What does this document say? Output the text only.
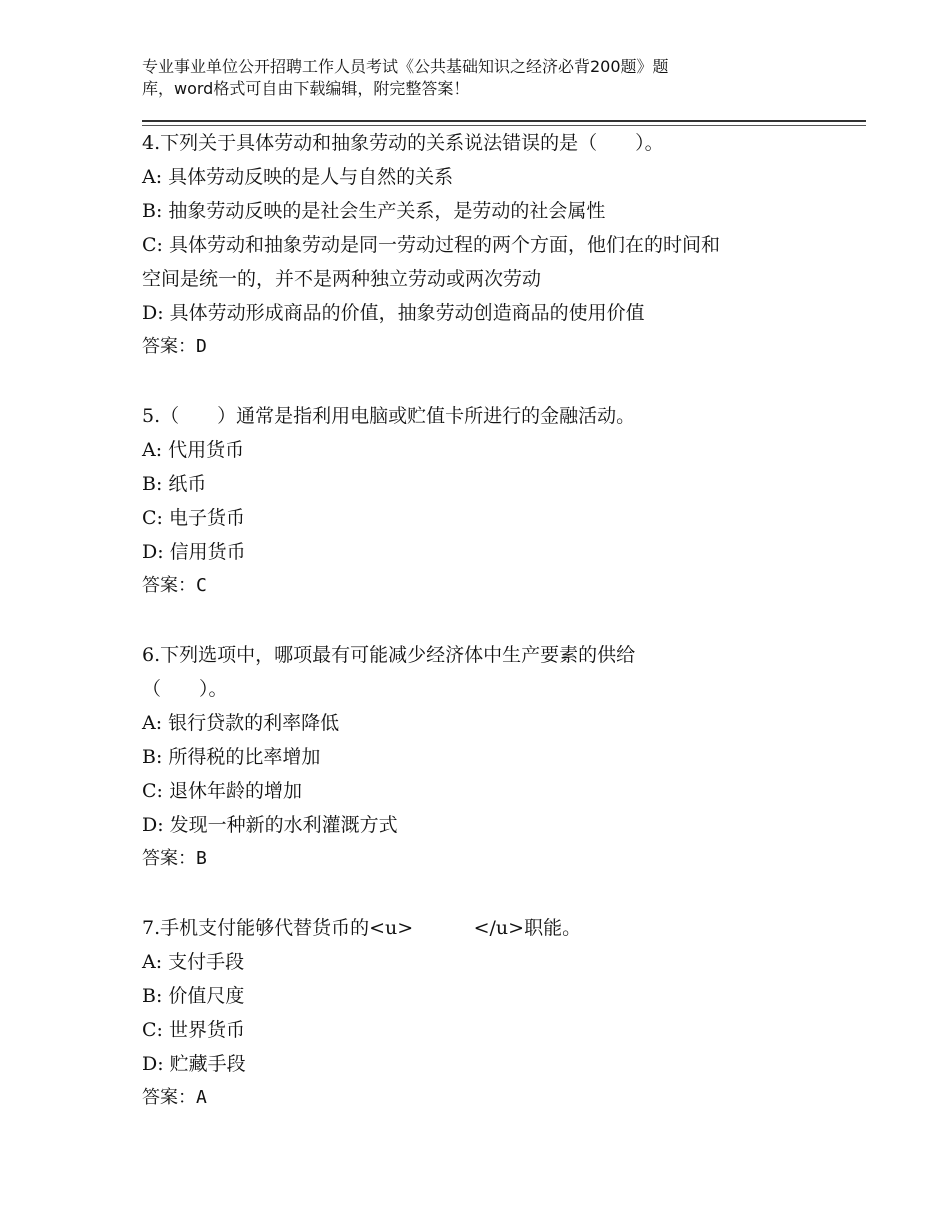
专业事业单位公开招聘工作人员考试《公共基础知识之经济必背200题》题
库，word格式可自由下载编辑，附完整答案！
4.下列关于具体劳动和抽象劳动的关系说法错误的是（　　）。
A: 具体劳动反映的是人与自然的关系
B: 抽象劳动反映的是社会生产关系，是劳动的社会属性
C: 具体劳动和抽象劳动是同一劳动过程的两个方面，他们在的时间和
空间是统一的，并不是两种独立劳动或两次劳动
D: 具体劳动形成商品的价值，抽象劳动创造商品的使用价值
答案：D
5.（　　）通常是指利用电脑或贮值卡所进行的金融活动。
A: 代用货币
B: 纸币
C: 电子货币
D: 信用货币
答案：C
6.下列选项中，哪项最有可能减少经济体中生产要素的供给
（　　）。
A: 银行贷款的利率降低
B: 所得税的比率增加
C: 退休年龄的增加
D: 发现一种新的水利灌溉方式
答案：B
7.手机支付能够代替货币的<u>          </u>职能。
A: 支付手段
B: 价值尺度
C: 世界货币
D: 贮藏手段
答案：A
